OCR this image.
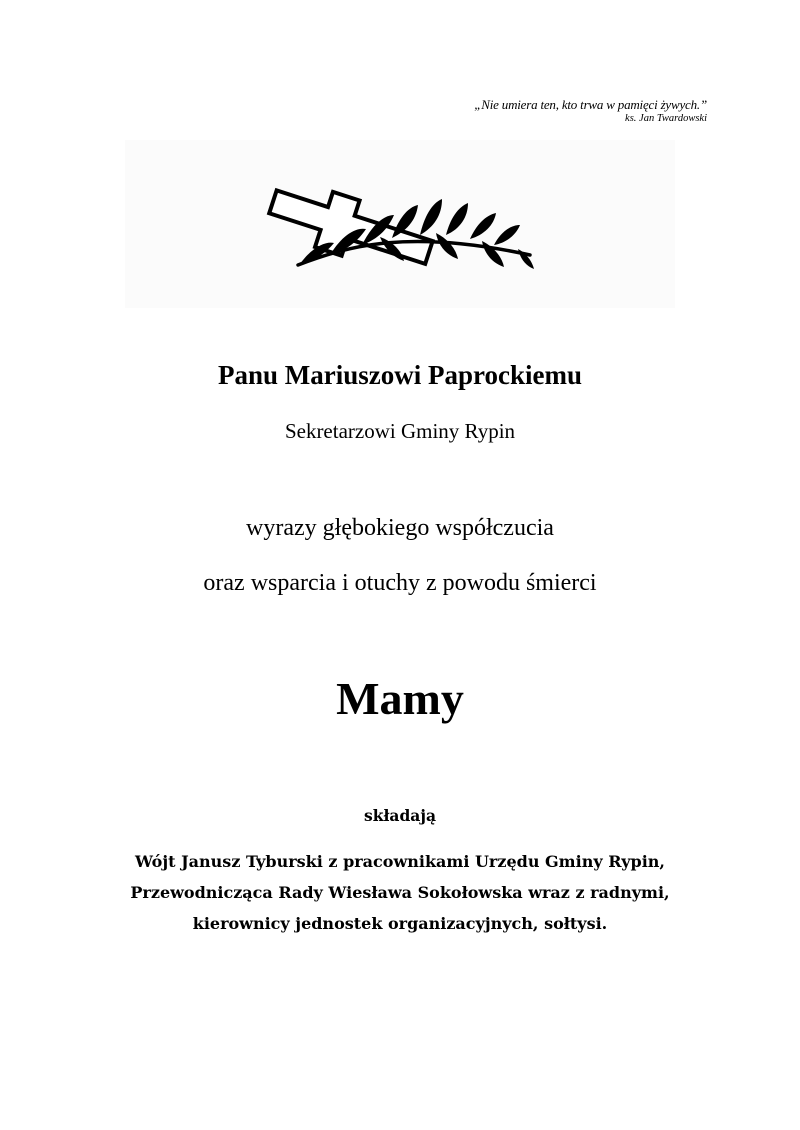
„Nie umiera ten, kto trwa w pamięci żywych.”
ks. Jan Twardowski
Panu Mariuszowi Paprockiemu
Sekretarzowi Gminy Rypin
wyrazy głębokiego współczucia
oraz wsparcia i otuchy z powodu śmierci
Mamy
składają
Wójt Janusz Tyburski z pracownikami Urzędu Gminy Rypin,
Przewodnicząca Rady Wiesława Sokołowska wraz z radnymi,
kierownicy jednostek organizacyjnych, sołtysi.
